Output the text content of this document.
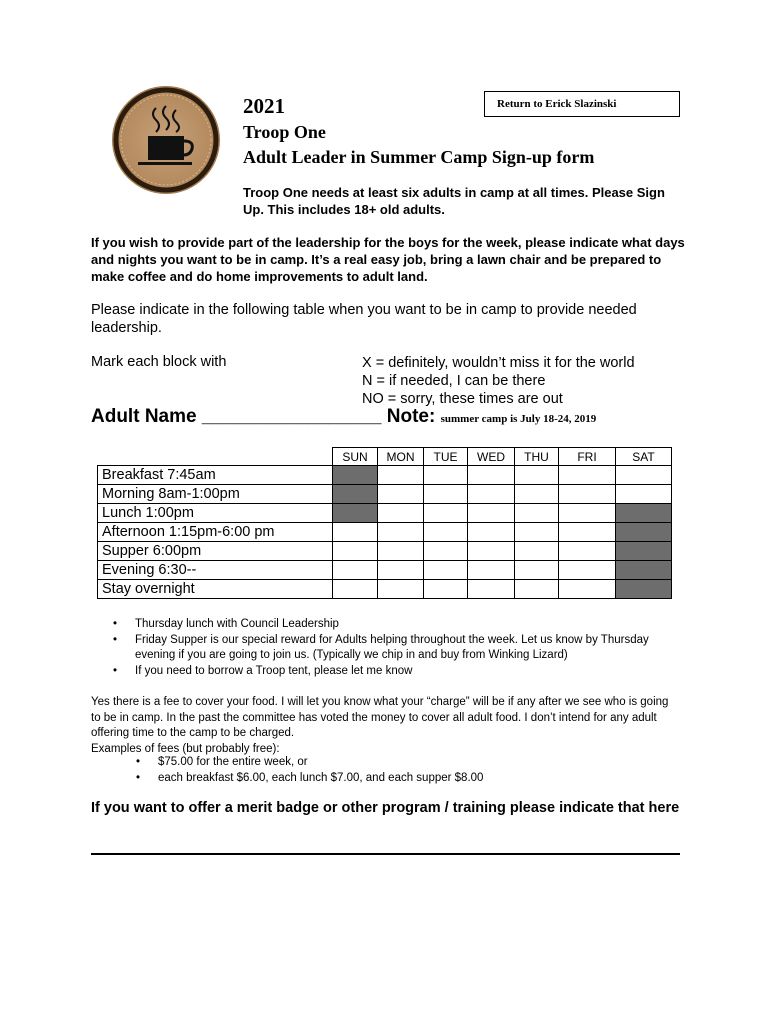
Return to Erick Slazinski
2021
Troop One
Adult Leader in Summer Camp Sign-up form
Troop One needs at least six adults in camp at all times. Please Sign Up. This includes 18+ old adults.
If you wish to provide part of the leadership for the boys for the week, please indicate what days and nights you want to be in camp. It’s a real easy job, bring a lawn chair and be prepared to make coffee and do home improvements to adult land.
Please indicate in the following table when you want to be in camp to provide needed leadership.
Mark each block with	X = definitely, wouldn’t miss it for the world
N = if needed, I can be there
NO = sorry, these times are out
Adult Name _________________ Note: summer camp is July 18-24, 2019
	SUN	MON	TUE	WED	THU	FRI	SAT
Breakfast 7:45am							
Morning 8am-1:00pm							
Lunch 1:00pm							
Afternoon 1:15pm-6:00 pm							
Supper 6:00pm							
Evening 6:30--							
Stay overnight							
• Thursday lunch with Council Leadership
• Friday Supper is our special reward for Adults helping throughout the week. Let us know by Thursday evening if you are going to join us. (Typically we chip in and buy from Winking Lizard)
• If you need to borrow a Troop tent, please let me know
Yes there is a fee to cover your food. I will let you know what your “charge” will be if any after we see who is going to be in camp. In the past the committee has voted the money to cover all adult food. I don’t intend for any adult offering time to the camp to be charged.
Examples of fees (but probably free):
• $75.00 for the entire week, or
• each breakfast $6.00, each lunch $7.00, and each supper $8.00
If you want to offer a merit badge or other program / training please indicate that here
